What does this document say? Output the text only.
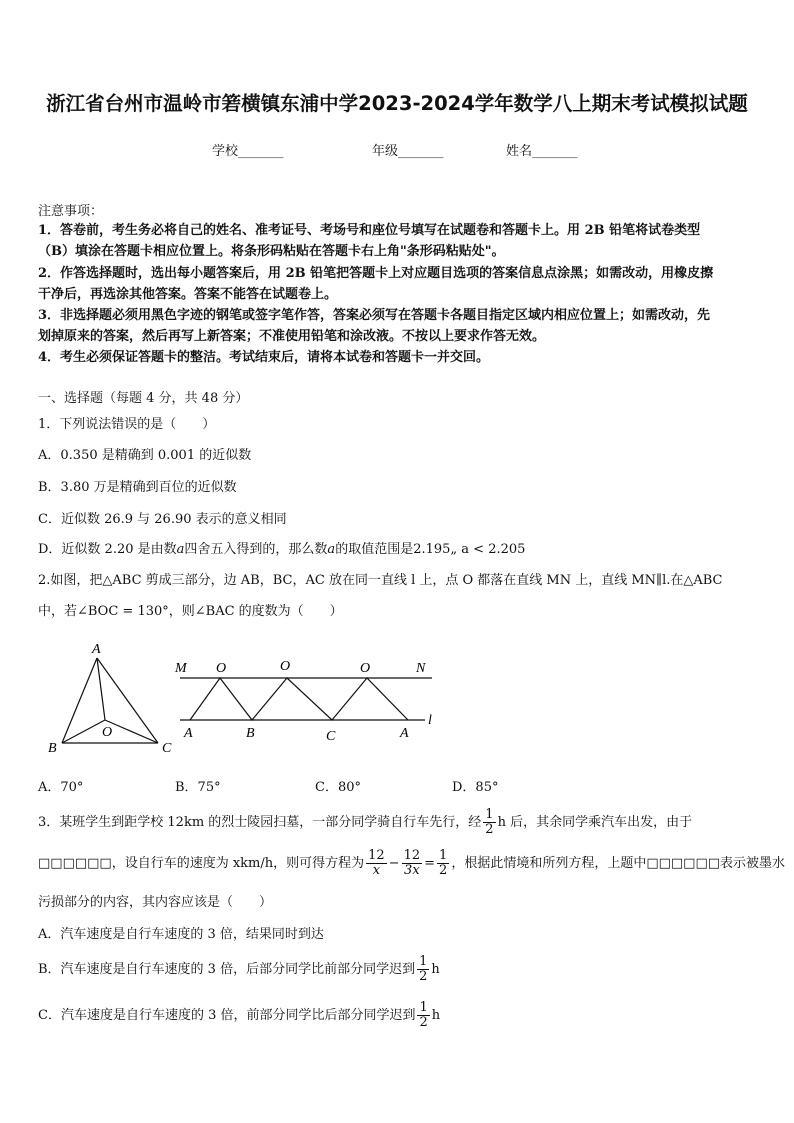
浙江省台州市温岭市箬横镇东浦中学2023-2024学年数学八上期末考试模拟试题
学校_______	年级_______	姓名_______
注意事项：
1．答卷前，考生务必将自己的姓名、准考证号、考场号和座位号填写在试题卷和答题卡上。用 2B 铅笔将试卷类型
（B）填涂在答题卡相应位置上。将条形码粘贴在答题卡右上角"条形码粘贴处"。
2．作答选择题时，选出每小题答案后，用 2B 铅笔把答题卡上对应题目选项的答案信息点涂黑；如需改动，用橡皮擦
干净后，再选涂其他答案。答案不能答在试题卷上。
3．非选择题必须用黑色字迹的钢笔或签字笔作答，答案必须写在答题卡各题目指定区域内相应位置上；如需改动，先
划掉原来的答案，然后再写上新答案；不准使用铅笔和涂改液。不按以上要求作答无效。
4．考生必须保证答题卡的整洁。考试结束后，请将本试卷和答题卡一并交回。
一、选择题（每题 4 分，共 48 分）
1．下列说法错误的是（　　）
A．0.350 是精确到 0.001 的近似数
B．3.80 万是精确到百位的近似数
C．近似数 26.9 与 26.90 表示的意义相同
D．近似数 2.20 是由数a四舍五入得到的，那么数a的取值范围是2.195„ a < 2.205
2.如图，把△ABC 剪成三部分，边 AB，BC，AC 放在同一直线 l 上，点 O 都落在直线 MN 上，直线 MN∥l.在△ABC
中，若∠BOC = 130°，则∠BAC 的度数为（　　）
A
B	C
O
M	N
O	O	O
A	B	C	A
l
A．70°	B．75°	C．80°	D．85°
3．某班学生到距学校 12km 的烈士陵园扫墓，一部分同学骑自行车先行，经 $\frac{1}{2}$ h 后，其余同学乘汽车出发，由于
□□□□□□，设自行车的速度为 xkm/h，则可得方程为 $\frac{12}{x} - \frac{12}{3x} = \frac{1}{2}$ ，根据此情境和所列方程，上题中□□□□□□表示被墨水
污损部分的内容，其内容应该是（　　）
A．汽车速度是自行车速度的 3 倍，结果同时到达
B．汽车速度是自行车速度的 3 倍，后部分同学比前部分同学迟到 $\frac{1}{2}$ h
C．汽车速度是自行车速度的 3 倍，前部分同学比后部分同学迟到 $\frac{1}{2}$ h
